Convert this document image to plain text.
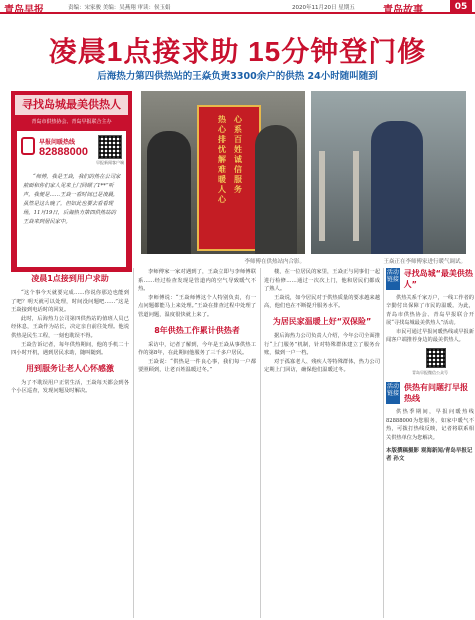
青岛早报	责编：宋家骏 美编：吴燕翔 审读：侯玉娟	2020年11月20日 星期五	青岛故事	05
凌晨1点接求助 15分钟登门修
后海热力第四供热站的王焱负责3300余户的供热 24小时随叫随到
寻找岛城最美供热人
青岛市供热协会、青岛早报联合主办
早报问暖热线
82888000
早报新闻客户端
“师傅，我是王焱，我们的热在公司家前面和你们家人见来上门回顾了1**”听声，我便是……王焱一看时间已是凌晨，虽然是这么晚了，但如此也要去看看现场。11月19日，后海热力第四供热站的王焱来到居民家中。
心系百姓诚信服务
热心排忧解难暖人心
李师傅在供热站内合影。	王焱正在李师傅家进行暖气调试。
凌晨1点接到用户求助

“这个事今天就要完成……你说你那边也能到了吧？明天就可以处理，时间没问题吧……”这是王焱接到电话时的回复。

此时，后海热力公司第四供热站的值班人员已经休息，王焱作为站长，决定亲自前往处理。他说供热是民生工程，一刻也耽误不得。

王焱告诉记者，每年供热期间，他的手机二十四小时开机，遇到居民求助，随叫随到。

用到服务让老人心怀感激

为了不耽误用户正常生活，王焱每天都会到各个小区巡查，发现问题及时解决。

李师傅家一家对遇到了，王焱立即与李师傅联系……经过检查发现是管道内的空气导致暖气不热。

李师傅说：“王焱师傅这个人特别负责，有一点问题都能马上来处理。”王焱在排查过程中处理了管道问题，温度很快就上来了。

8年供热工作累计供热者

采访中，记者了解到，今年是王焱从事供热工作的第8年，在此期间他服务了三千多户居民。

王焱说：“供热是一件良心事，我们每一户都要照顾到，让老百姓温暖过冬。”

楼，在一位居民的家里，王焱正与同事们一起进行检修……通过一次次上门，他和居民们都成了熟人。

王焱说，如今居民对于供热质量的要求越来越高，他们也在不断提升服务水平。

为居民家温暖上好“双保险”

据后海热力公司负责人介绍，今年公司全面推行“上门服务”机制，针对特殊群体建立了服务台账，做到一户一档。

对于孤寡老人、残疾人等特殊群体，热力公司定期上门回访，确保他们温暖过冬。

活动链接
寻找岛城“最美供热人”

供热关系千家万户，一线工作者的辛勤付出保障了市民的温暖。为此，青岛市供热协会、青岛早报联合开展“寻找岛城最美供热人”活动。

市民可通过早报问暖热线或早报新闻客户端推荐身边的最美供热人。

青岛早报微信公众号
活动链接
供热有问题打早报热线

供热季期间，早报问暖热线82888000为您服务，如家中暖气不热，可拨打热线反映，记者将联系相关供热单位为您解决。

本版撰稿摄影 观海新闻/青岛早报记者 孙文
